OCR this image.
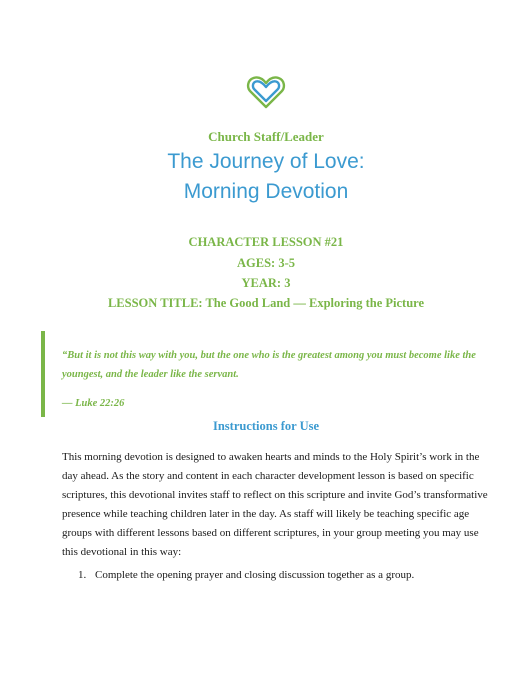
Church Staff/Leader
The Journey of Love:
Morning Devotion
CHARACTER LESSON #21
AGES: 3-5
YEAR: 3
LESSON TITLE: The Good Land — Exploring the Picture
“But it is not this way with you, but the one who is the greatest among you must become like the youngest, and the leader like the servant.
— Luke 22:26
Instructions for Use
This morning devotion is designed to awaken hearts and minds to the Holy Spirit’s work in the day ahead. As the story and content in each character development lesson is based on specific scriptures, this devotional invites staff to reflect on this scripture and invite God’s transformative presence while teaching children later in the day. As staff will likely be teaching specific age groups with different lessons based on different scriptures, in your group meeting you may use this devotional in this way:
1. Complete the opening prayer and closing discussion together as a group.
